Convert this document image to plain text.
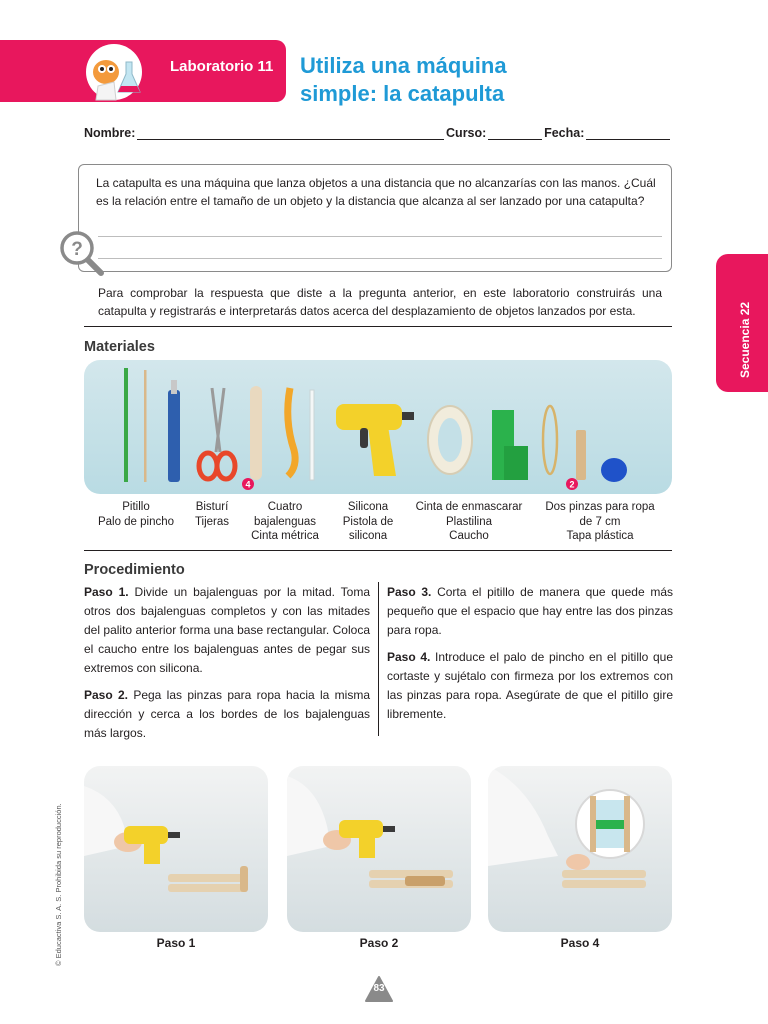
Laboratorio 11 Utiliza una máquina
simple: la catapulta
Nombre:	Curso:	Fecha:
La catapulta es una máquina que lanza objetos a una distancia que no alcanzarías con las manos. ¿Cuál es la relación entre el tamaño de un objeto y la distancia que alcanza al ser lanzado por una catapulta?
?
Para comprobar la respuesta que diste a la pregunta anterior, en este laboratorio construirás una catapulta y registrarás e interpretarás datos acerca del desplazamiento de objetos lanzados por esta.	Secuencia 22
Materiales
4	2
Pitillo
Palo de pincho
Bisturí
Tijeras
Cuatro
bajalenguas
Cinta métrica
Silicona
Pistola de
silicona
Cinta de enmascarar
Plastilina
Caucho
Dos pinzas para ropa
de 7 cm
Tapa plástica
Procedimiento

Paso 1. Divide un bajalenguas por la mitad. Toma otros dos bajalenguas completos y con las mitades del palito anterior forma una base rectangular. Coloca el caucho entre los bajalenguas antes de pegar sus extremos con silicona.

Paso 2. Pega las pinzas para ropa hacia la misma dirección y cerca a los bordes de los bajalenguas más largos.

Paso 3. Corta el pitillo de manera que quede más pequeño que el espacio que hay entre las dos pinzas para ropa.

Paso 4. Introduce el palo de pincho en el pitillo que cortaste y sujétalo con firmeza por los extremos con las pinzas para ropa. Asegúrate de que el pitillo gire libremente.

Paso 1	Paso 2	Paso 4
© Educactiva S. A. S. Prohibida su reproducción.
83
